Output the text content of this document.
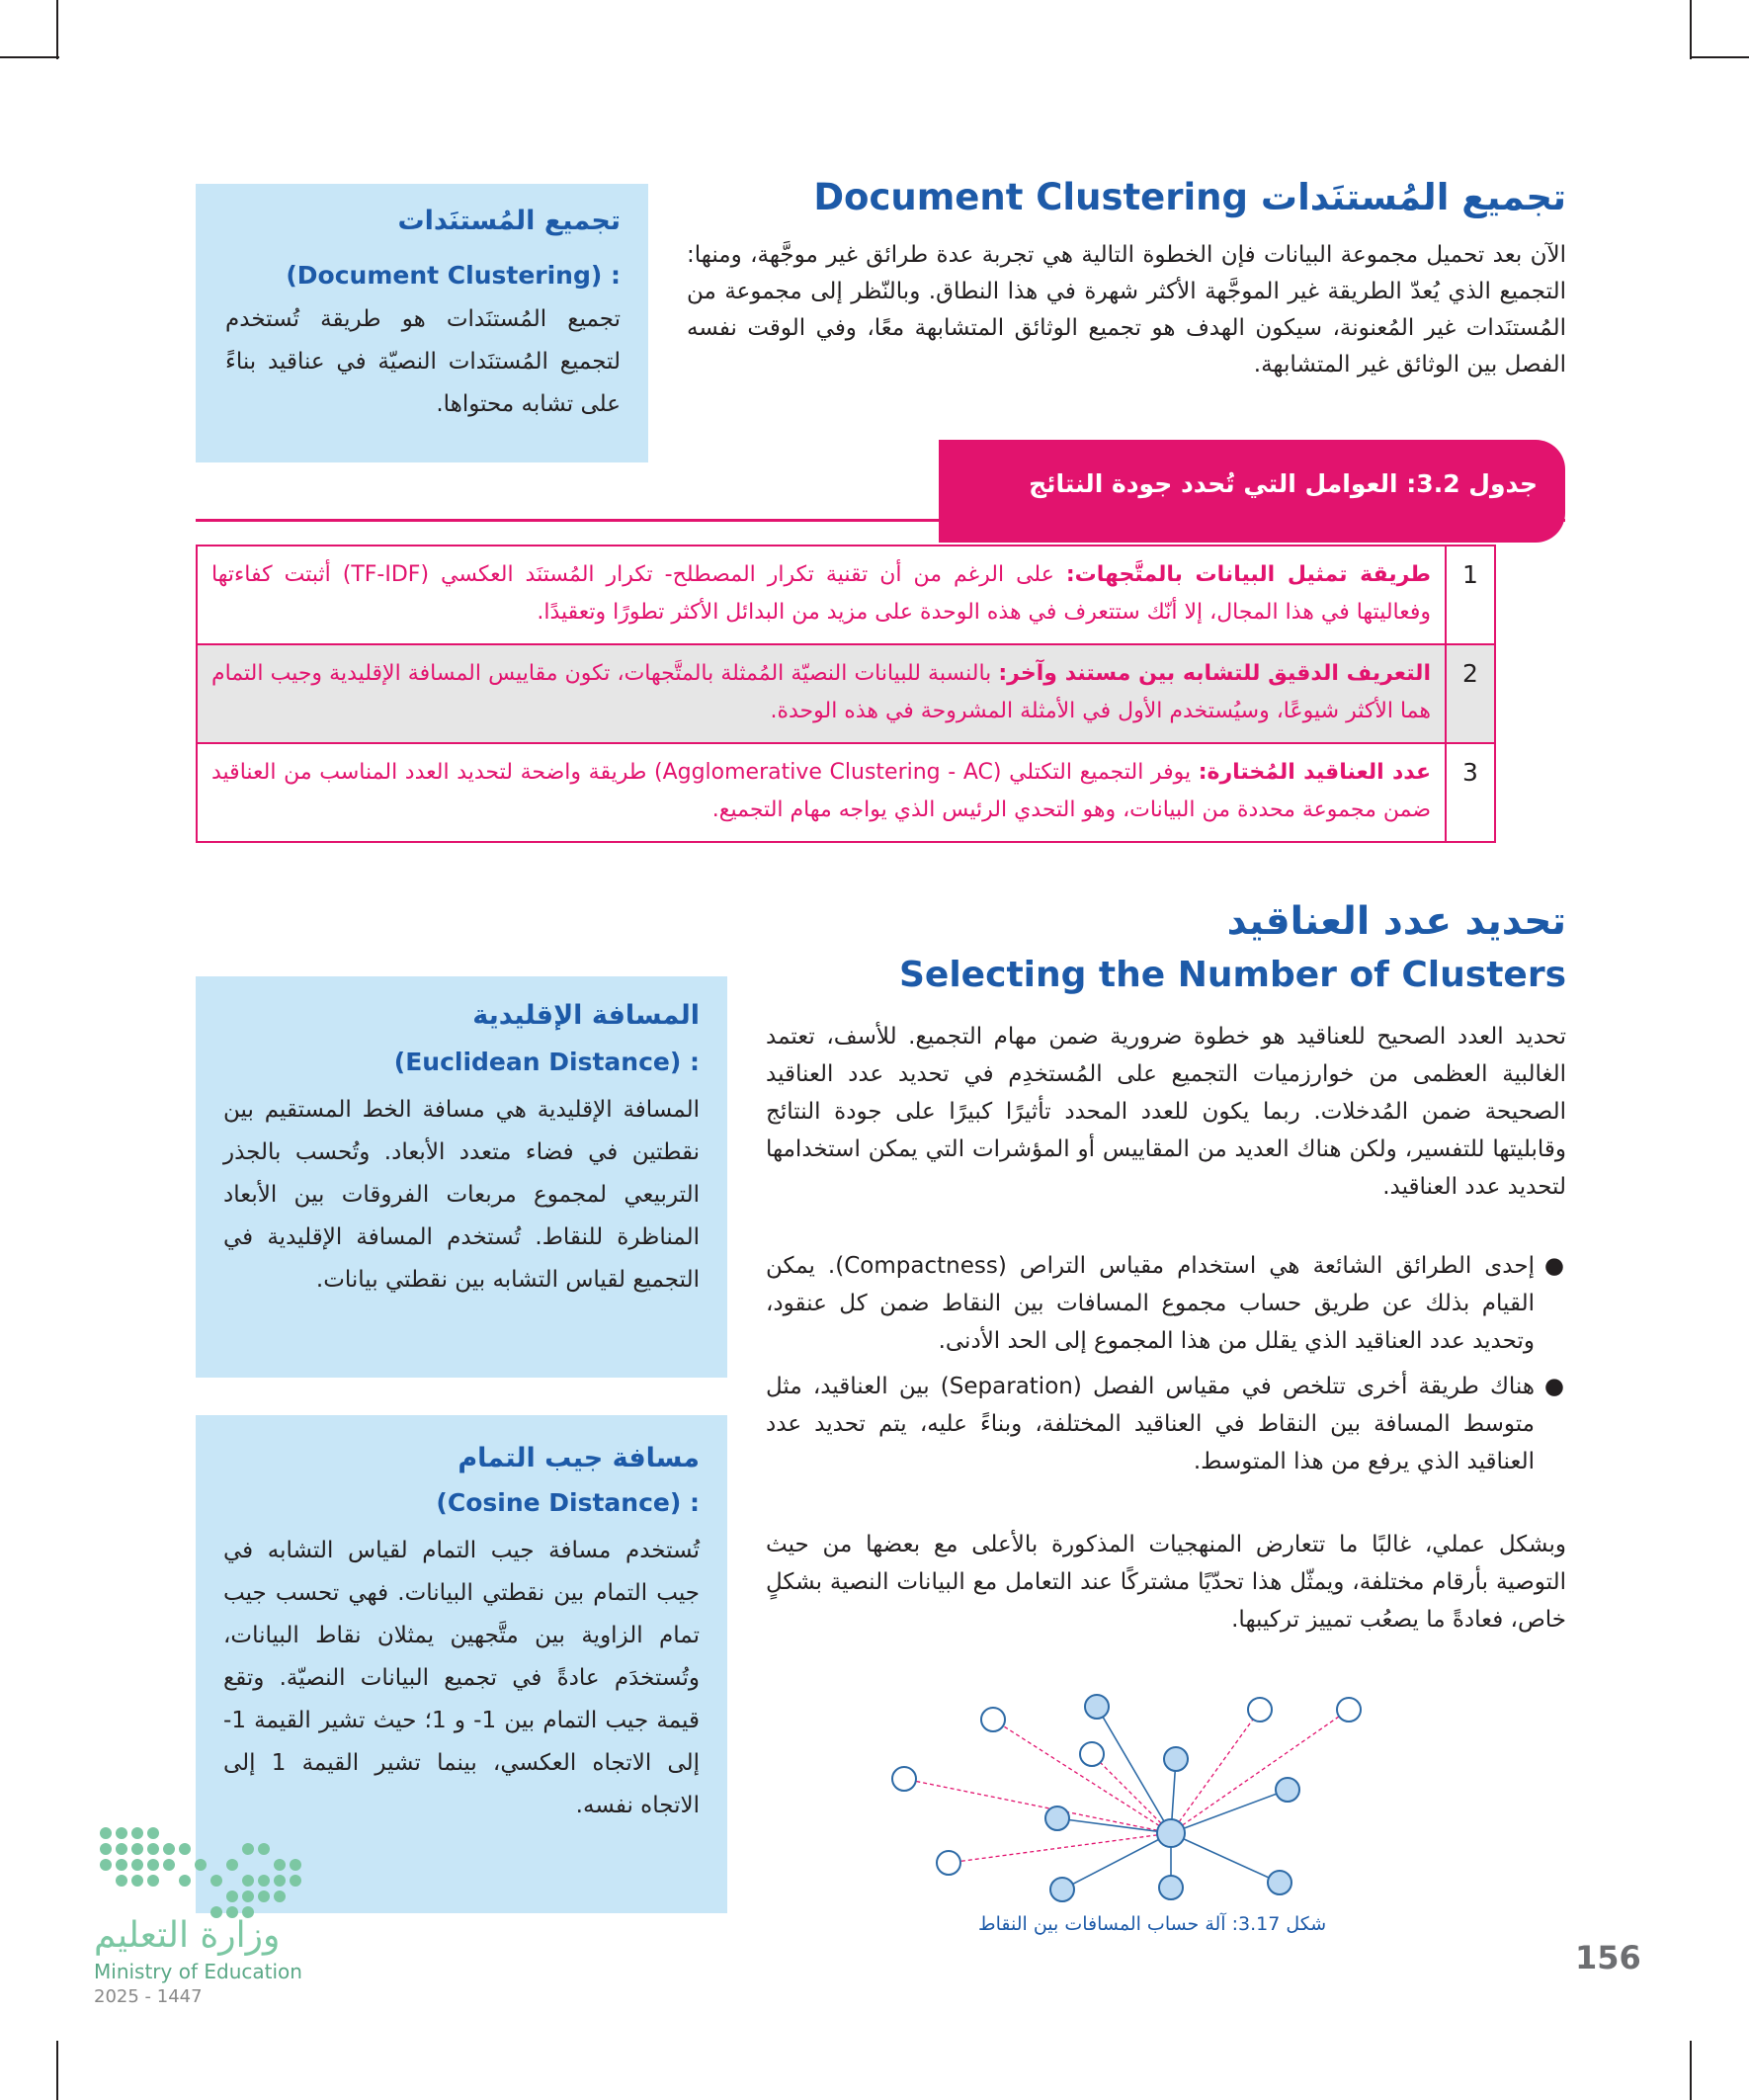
تجميع المُستنَدات Document Clustering
الآن بعد تحميل مجموعة البيانات فإن الخطوة التالية هي تجربة عدة طرائق غير موجَّهة، ومنها: التجميع الذي يُعدّ الطريقة غير الموجَّهة الأكثر شهرة في هذا النطاق. وبالنّظر إلى مجموعة من المُستنَدات غير المُعنونة، سيكون الهدف هو تجميع الوثائق المتشابهة معًا، وفي الوقت نفسه الفصل بين الوثائق غير المتشابهة.
تجميع المُستنَدات
(Document Clustering) :
تجميع المُستنَدات هو طريقة تُستخدم لتجميع المُستنَدات النصيّة في عناقيد بناءً على تشابه محتواها.
جدول 3.2: العوامل التي تُحدد جودة النتائج
1
طريقة تمثيل البيانات بالمتَّجهات: على الرغم من أن تقنية تكرار المصطلح- تكرار المُستنَد العكسي (TF-IDF) أثبتت كفاءتها وفعاليتها في هذا المجال، إلا أنّك ستتعرف في هذه الوحدة على مزيد من البدائل الأكثر تطورًا وتعقيدًا.
2
التعريف الدقيق للتشابه بين مستند وآخر: بالنسبة للبيانات النصيّة المُمثلة بالمتَّجهات، تكون مقاييس المسافة الإقليدية وجيب التمام هما الأكثر شيوعًا، وسيُستخدم الأول في الأمثلة المشروحة في هذه الوحدة.
3
عدد العناقيد المُختارة: يوفر التجميع التكتلي (Agglomerative Clustering - AC) طريقة واضحة لتحديد العدد المناسب من العناقيد ضمن مجموعة محددة من البيانات، وهو التحدي الرئيس الذي يواجه مهام التجميع.
تحديد عدد العناقيد
Selecting the Number of Clusters
تحديد العدد الصحيح للعناقيد هو خطوة ضرورية ضمن مهام التجميع. للأسف، تعتمد الغالبية العظمى من خوارزميات التجميع على المُستخدِم في تحديد عدد العناقيد الصحيحة ضمن المُدخلات. ربما يكون للعدد المحدد تأثيرًا كبيرًا على جودة النتائج وقابليتها للتفسير، ولكن هناك العديد من المقاييس أو المؤشرات التي يمكن استخدامها لتحديد عدد العناقيد.
●
إحدى الطرائق الشائعة هي استخدام مقياس التراص (Compactness). يمكن القيام بذلك عن طريق حساب مجموع المسافات بين النقاط ضمن كل عنقود، وتحديد عدد العناقيد الذي يقلل من هذا المجموع إلى الحد الأدنى.
●
هناك طريقة أخرى تتلخص في مقياس الفصل (Separation) بين العناقيد، مثل متوسط المسافة بين النقاط في العناقيد المختلفة، وبناءً عليه، يتم تحديد عدد العناقيد الذي يرفع من هذا المتوسط.
وبشكل عملي، غالبًا ما تتعارض المنهجيات المذكورة بالأعلى مع بعضها من حيث التوصية بأرقام مختلفة، ويمثّل هذا تحدّيًا مشتركًا عند التعامل مع البيانات النصية بشكلٍ خاص، فعادةً ما يصعُب تمييز تركيبها.
المسافة الإقليدية
(Euclidean Distance) :
المسافة الإقليدية هي مسافة الخط المستقيم بين نقطتين في فضاء متعدد الأبعاد. وتُحسب بالجذر التربيعي لمجموع مربعات الفروقات بين الأبعاد المناظرة للنقاط. تُستخدم المسافة الإقليدية في التجميع لقياس التشابه بين نقطتي بيانات.
مسافة جيب التمام
(Cosine Distance) :
تُستخدم مسافة جيب التمام لقياس التشابه في جيب التمام بين نقطتي البيانات. فهي تحسب جيب تمام الزاوية بين متَّجهين يمثلان نقاط البيانات، وتُستخدَم عادةً في تجميع البيانات النصيّة. وتقع قيمة جيب التمام بين 1- و 1؛ حيث تشير القيمة 1- إلى الاتجاه العكسي، بينما تشير القيمة 1 إلى الاتجاه نفسه.
شكل 3.17: آلة حساب المسافات بين النقاط
وزارة التعليم
Ministry of Education
2025 - 1447
156
